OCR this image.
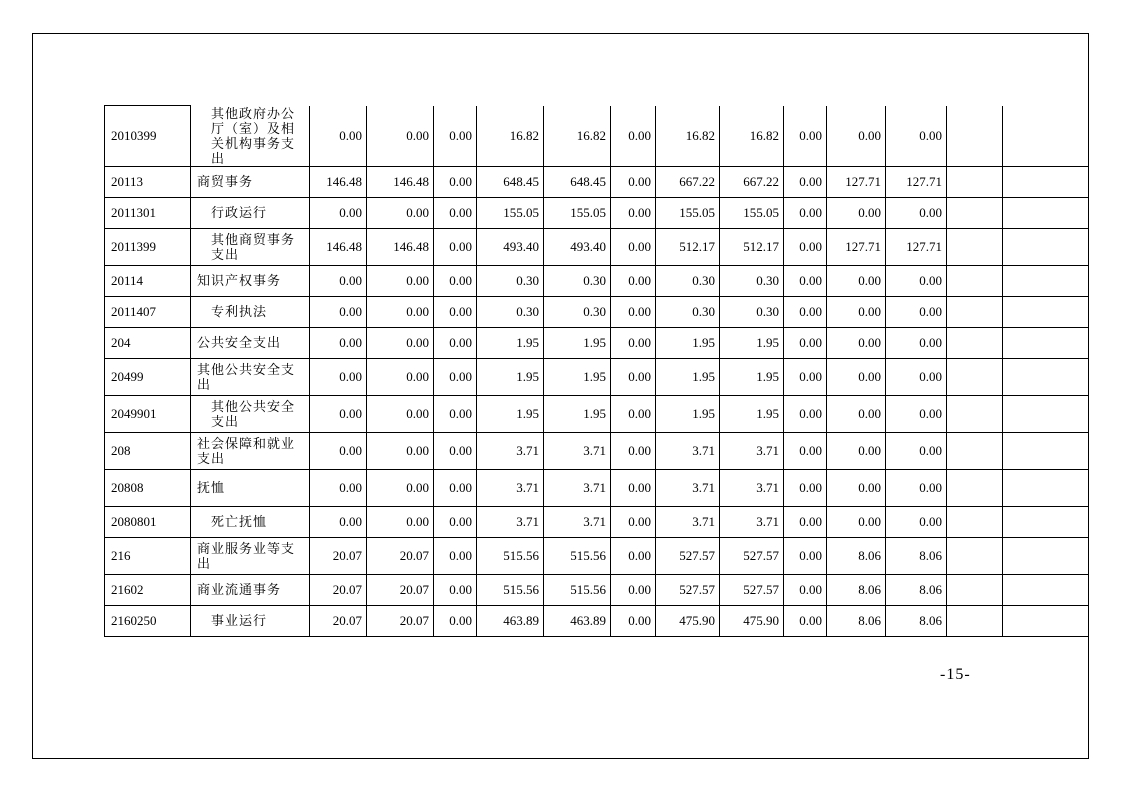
2010399	其他政府办公厅（室）及相关机构事务支出	0.00	0.00	0.00	16.82	16.82	0.00	16.82	16.82	0.00	0.00	0.00		
20113	商贸事务	146.48	146.48	0.00	648.45	648.45	0.00	667.22	667.22	0.00	127.71	127.71		
2011301	行政运行	0.00	0.00	0.00	155.05	155.05	0.00	155.05	155.05	0.00	0.00	0.00		
2011399	其他商贸事务支出	146.48	146.48	0.00	493.40	493.40	0.00	512.17	512.17	0.00	127.71	127.71		
20114	知识产权事务	0.00	0.00	0.00	0.30	0.30	0.00	0.30	0.30	0.00	0.00	0.00		
2011407	专利执法	0.00	0.00	0.00	0.30	0.30	0.00	0.30	0.30	0.00	0.00	0.00		
204	公共安全支出	0.00	0.00	0.00	1.95	1.95	0.00	1.95	1.95	0.00	0.00	0.00		
20499	其他公共安全支出	0.00	0.00	0.00	1.95	1.95	0.00	1.95	1.95	0.00	0.00	0.00		
2049901	其他公共安全支出	0.00	0.00	0.00	1.95	1.95	0.00	1.95	1.95	0.00	0.00	0.00		
208	社会保障和就业支出	0.00	0.00	0.00	3.71	3.71	0.00	3.71	3.71	0.00	0.00	0.00		
20808	抚恤	0.00	0.00	0.00	3.71	3.71	0.00	3.71	3.71	0.00	0.00	0.00		
2080801	死亡抚恤	0.00	0.00	0.00	3.71	3.71	0.00	3.71	3.71	0.00	0.00	0.00		
216	商业服务业等支出	20.07	20.07	0.00	515.56	515.56	0.00	527.57	527.57	0.00	8.06	8.06		
21602	商业流通事务	20.07	20.07	0.00	515.56	515.56	0.00	527.57	527.57	0.00	8.06	8.06		
2160250	事业运行	20.07	20.07	0.00	463.89	463.89	0.00	475.90	475.90	0.00	8.06	8.06		
-15-
